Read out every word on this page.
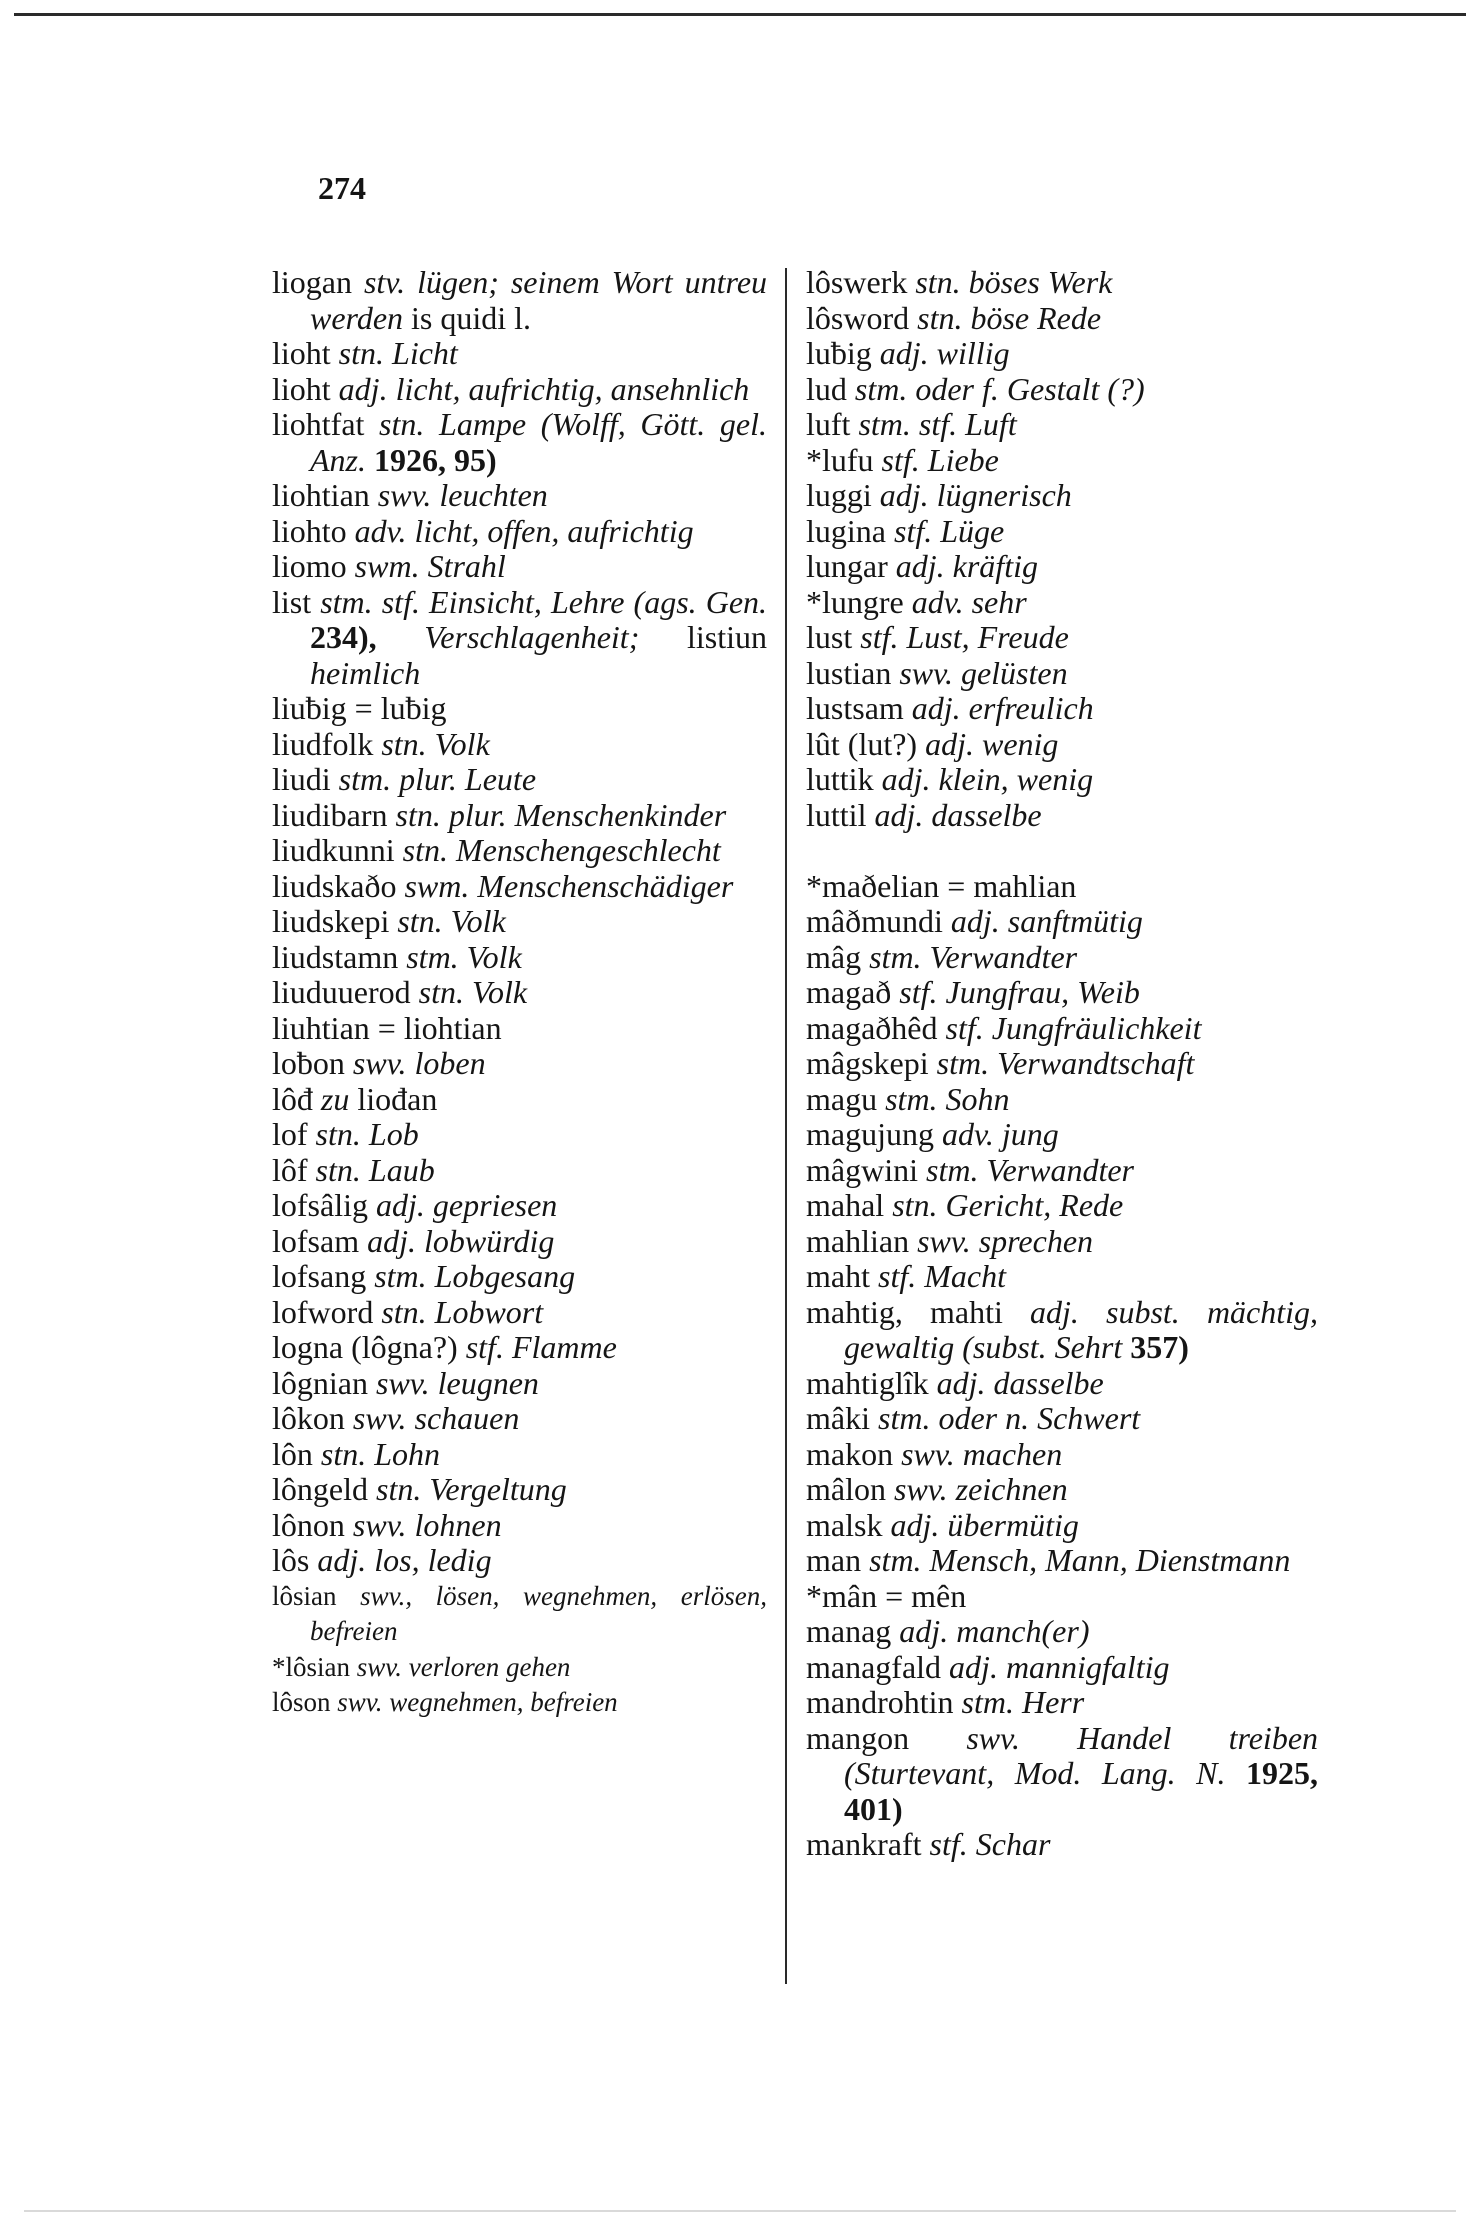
274

liogan stv. lügen; seinem Wort untreu werden is quidi l.

lioht stn. Licht

lioht adj. licht, aufrichtig, ansehnlich

liohtfat stn. Lampe (Wolff, Gött. gel. Anz. 1926, 95)

liohtian swv. leuchten

liohto adv. licht, offen, aufrichtig

liomo swm. Strahl

list stm. stf. Einsicht, Lehre (ags. Gen. 234), Verschlagenheit; listiun heimlich

liuƀig = luƀig

liudfolk stn. Volk

liudi stm. plur. Leute

liudibarn stn. plur. Menschenkinder

liudkunni stn. Menschengeschlecht

liudskaðo swm. Menschenschädiger

liudskepi stn. Volk

liudstamn stm. Volk

liuduuerod stn. Volk

liuhtian = liohtian

loƀon swv. loben

lôđ zu liođan

lof stn. Lob

lôf stn. Laub

lofsâlig adj. gepriesen

lofsam adj. lobwürdig

lofsang stm. Lobgesang

lofword stn. Lobwort

logna (lôgna?) stf. Flamme

lôgnian swv. leugnen

lôkon swv. schauen

lôn stn. Lohn

lôngeld stn. Vergeltung

lônon swv. lohnen

lôs adj. los, ledig

lôsian swv., lösen, wegnehmen, erlösen, befreien

*lôsian swv. verloren gehen

lôson swv. wegnehmen, befreien

lôswerk stn. böses Werk

lôsword stn. böse Rede

luƀig adj. willig

lud stm. oder f. Gestalt (?)

luft stm. stf. Luft

*lufu stf. Liebe

luggi adj. lügnerisch

lugina stf. Lüge

lungar adj. kräftig

*lungre adv. sehr

lust stf. Lust, Freude

lustian swv. gelüsten

lustsam adj. erfreulich

lût (lut?) adj. wenig

luttik adj. klein, wenig

luttil adj. dasselbe

*maðelian = mahlian

mâðmundi adj. sanftmütig

mâg stm. Verwandter

magað stf. Jungfrau, Weib

magaðhêd stf. Jungfräulichkeit

mâgskepi stm. Verwandtschaft

magu stm. Sohn

magujung adv. jung

mâgwini stm. Verwandter

mahal stn. Gericht, Rede

mahlian swv. sprechen

maht stf. Macht

mahtig, mahti adj. subst. mächtig, gewaltig (subst. Sehrt 357)

mahtiglîk adj. dasselbe

mâki stm. oder n. Schwert

makon swv. machen

mâlon swv. zeichnen

malsk adj. übermütig

man stm. Mensch, Mann, Dienstmann

*mân = mên

manag adj. manch(er)

managfald adj. mannigfaltig

mandrohtin stm. Herr

mangon swv. Handel treiben (Sturtevant, Mod. Lang. N. 1925, 401)

mankraft stf. Schar
